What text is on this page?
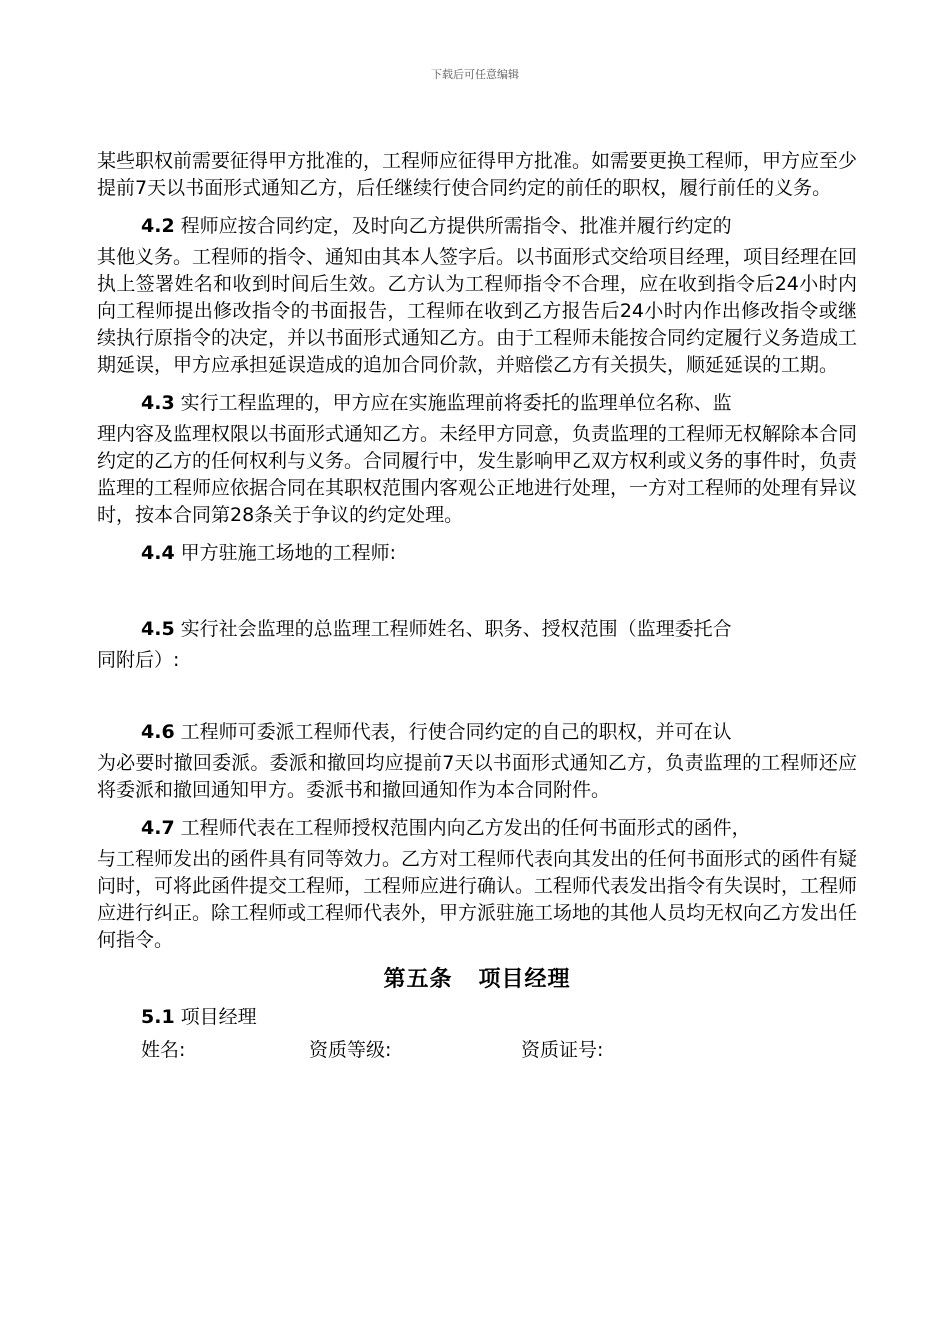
下载后可任意编辑

某些职权前需要征得甲方批准的，工程师应征得甲方批准。如需要更换工程师，甲方应至少提前7天以书面形式通知乙方，后任继续行使合同约定的前任的职权，履行前任的义务。

4.2 程师应按合同约定，及时向乙方提供所需指令、批准并履行约定的

其他义务。工程师的指令、通知由其本人签字后。以书面形式交给项目经理，项目经理在回执上签署姓名和收到时间后生效。乙方认为工程师指令不合理，应在收到指令后24小时内向工程师提出修改指令的书面报告，工程师在收到乙方报告后24小时内作出修改指令或继续执行原指令的决定，并以书面形式通知乙方。由于工程师未能按合同约定履行义务造成工期延误，甲方应承担延误造成的追加合同价款，并赔偿乙方有关损失，顺延延误的工期。

4.3 实行工程监理的，甲方应在实施监理前将委托的监理单位名称、监

理内容及监理权限以书面形式通知乙方。未经甲方同意，负责监理的工程师无权解除本合同约定的乙方的任何权利与义务。合同履行中，发生影响甲乙双方权利或义务的事件时，负责监理的工程师应依据合同在其职权范围内客观公正地进行处理，一方对工程师的处理有异议时，按本合同第28条关于争议的约定处理。

4.4 甲方驻施工场地的工程师:
4.5 实行社会监理的总监理工程师姓名、职务、授权范围（监理委托合

同附后）:

4.6 工程师可委派工程师代表，行使合同约定的自己的职权，并可在认

为必要时撤回委派。委派和撤回均应提前7天以书面形式通知乙方，负责监理的工程师还应将委派和撤回通知甲方。委派书和撤回通知作为本合同附件。

4.7 工程师代表在工程师授权范围内向乙方发出的任何书面形式的函件，

与工程师发出的函件具有同等效力。乙方对工程师代表向其发出的任何书面形式的函件有疑问时，可将此函件提交工程师，工程师应进行确认。工程师代表发出指令有失误时，工程师应进行纠正。除工程师或工程师代表外，甲方派驻施工场地的其他人员均无权向乙方发出任何指令。

第五条 项目经理
5.1 项目经理
姓名:	资质等级:	资质证号:
